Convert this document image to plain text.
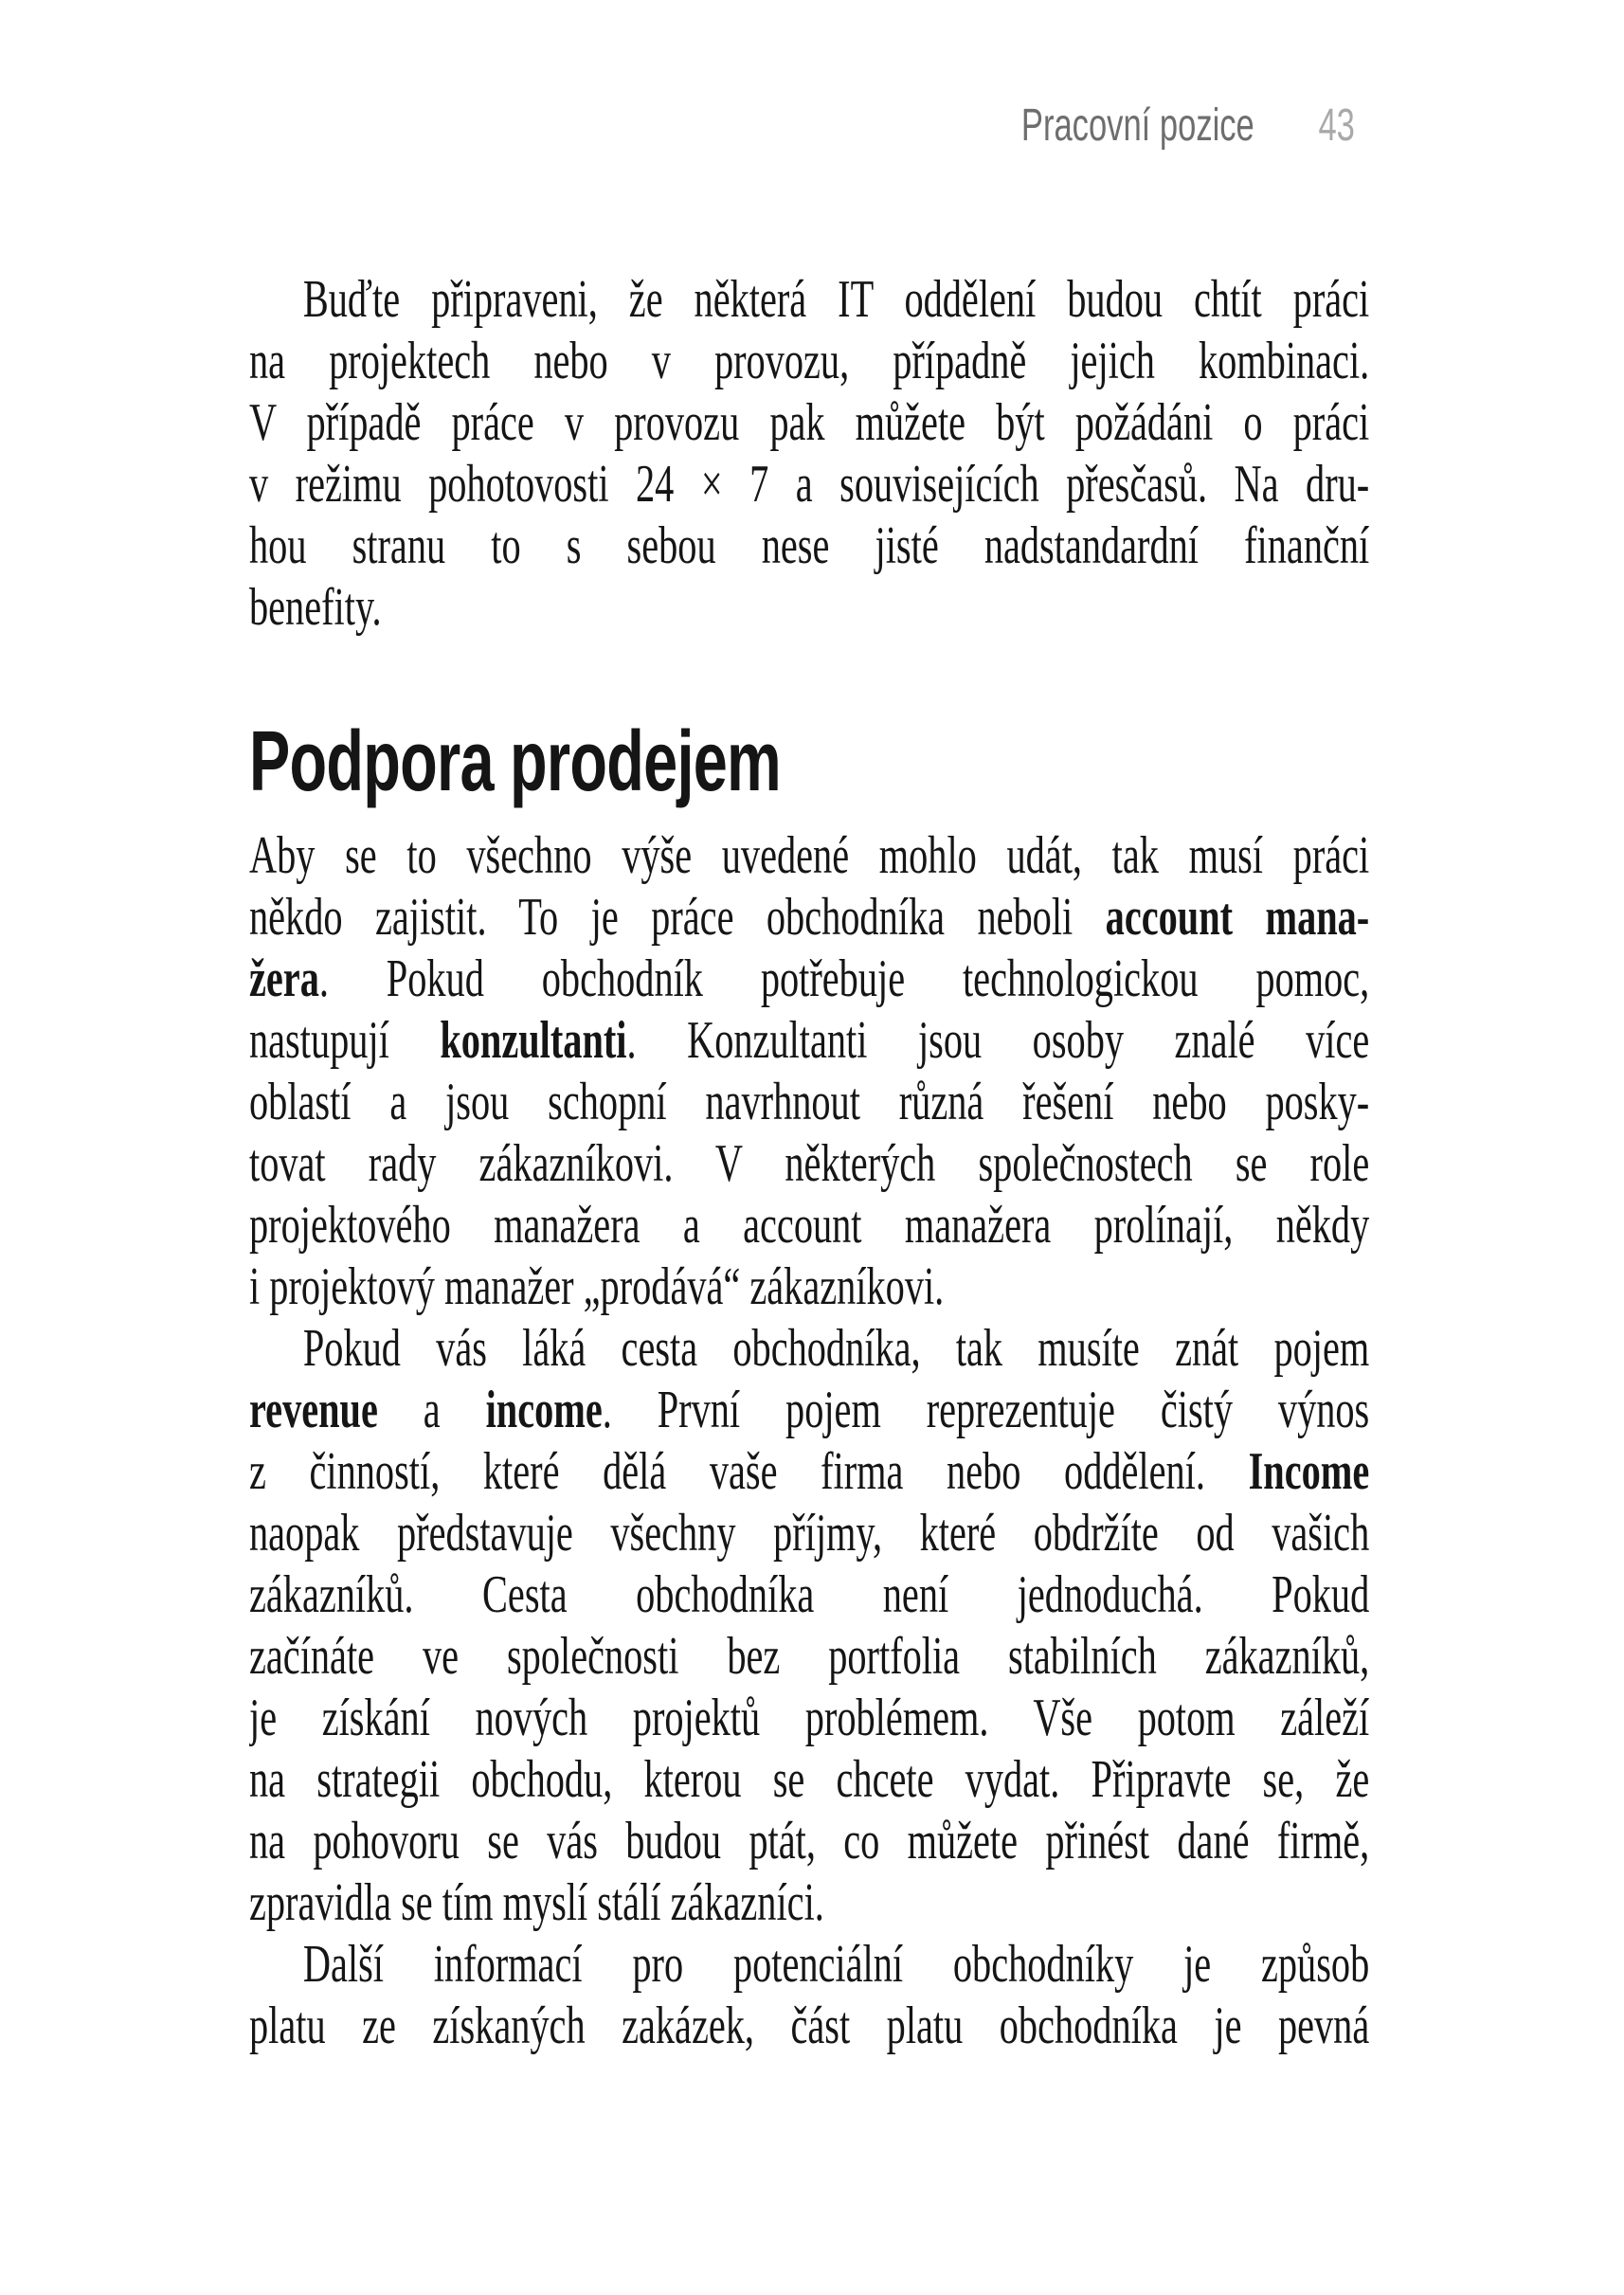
Pracovní pozice 43
Buďte připraveni, že některá IT oddělení budou chtít práci
na projektech nebo v provozu, případně jejich kombinaci.
V případě práce v provozu pak můžete být požádáni o práci
v režimu pohotovosti 24 × 7 a souvisejících přesčasů. Na dru-
hou stranu to s sebou nese jisté nadstandardní finanční
benefity.
Podpora prodejem
Aby se to všechno výše uvedené mohlo udát, tak musí práci
někdo zajistit. To je práce obchodníka neboli account mana-
žera. Pokud obchodník potřebuje technologickou pomoc,
nastupují konzultanti. Konzultanti jsou osoby znalé více
oblastí a jsou schopní navrhnout různá řešení nebo posky-
tovat rady zákazníkovi. V některých společnostech se role
projektového manažera a account manažera prolínají, někdy
i projektový manažer „prodává“ zákazníkovi.
Pokud vás láká cesta obchodníka, tak musíte znát pojem
revenue a income. První pojem reprezentuje čistý výnos
z činností, které dělá vaše firma nebo oddělení. Income
naopak představuje všechny příjmy, které obdržíte od vašich
zákazníků. Cesta obchodníka není jednoduchá. Pokud
začínáte ve společnosti bez portfolia stabilních zákazníků,
je získání nových projektů problémem. Vše potom záleží
na strategii obchodu, kterou se chcete vydat. Připravte se, že
na pohovoru se vás budou ptát, co můžete přinést dané firmě,
zpravidla se tím myslí stálí zákazníci.
Další informací pro potenciální obchodníky je způsob
platu ze získaných zakázek, část platu obchodníka je pevná
